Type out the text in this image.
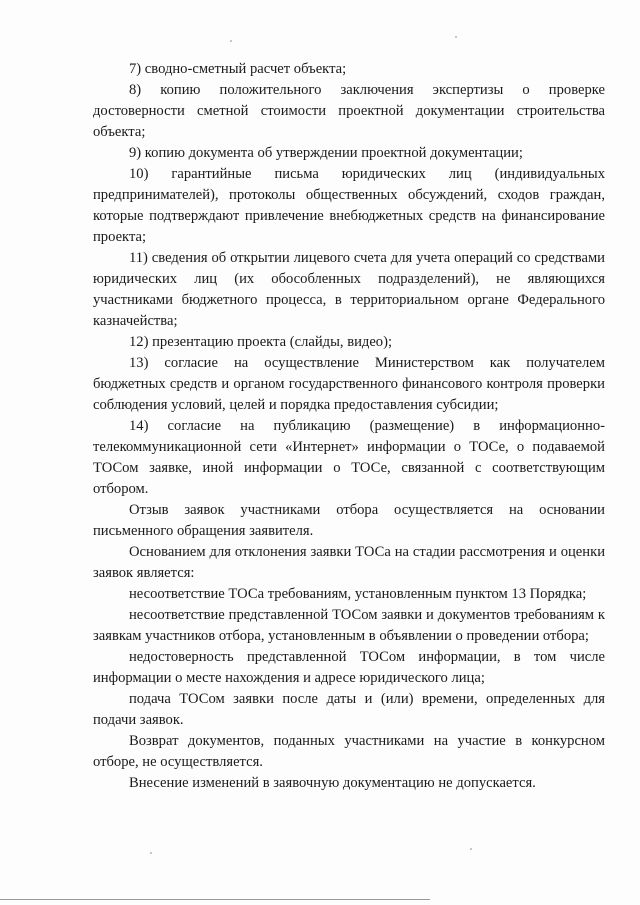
7) сводно-сметный расчет объекта;

8) копию положительного заключения экспертизы о проверке достоверности сметной стоимости проектной документации строительства объекта;

9) копию документа об утверждении проектной документации;

10) гарантийные письма юридических лиц (индивидуальных предпринимателей), протоколы общественных обсуждений, сходов граждан, которые подтверждают привлечение внебюджетных средств на финансирование проекта;

11) сведения об открытии лицевого счета для учета операций со средствами юридических лиц (их обособленных подразделений), не являющихся участниками бюджетного процесса, в территориальном органе Федерального казначейства;

12) презентацию проекта (слайды, видео);

13) согласие на осуществление Министерством как получателем бюджетных средств и органом государственного финансового контроля проверки соблюдения условий, целей и порядка предоставления субсидии;

14) согласие на публикацию (размещение) в информационно-телекоммуникационной сети «Интернет» информации о ТОСе, о подаваемой ТОСом заявке, иной информации о ТОСе, связанной с соответствующим отбором.

Отзыв заявок участниками отбора осуществляется на основании письменного обращения заявителя.

Основанием для отклонения заявки ТОСа на стадии рассмотрения и оценки заявок является:

несоответствие ТОСа требованиям, установленным пунктом 13 Порядка;

несоответствие представленной ТОСом заявки и документов требованиям к заявкам участников отбора, установленным в объявлении о проведении отбора;

недостоверность представленной ТОСом информации, в том числе информации о месте нахождения и адресе юридического лица;

подача ТОСом заявки после даты и (или) времени, определенных для подачи заявок.

Возврат документов, поданных участниками на участие в конкурсном отборе, не осуществляется.

Внесение изменений в заявочную документацию не допускается.
